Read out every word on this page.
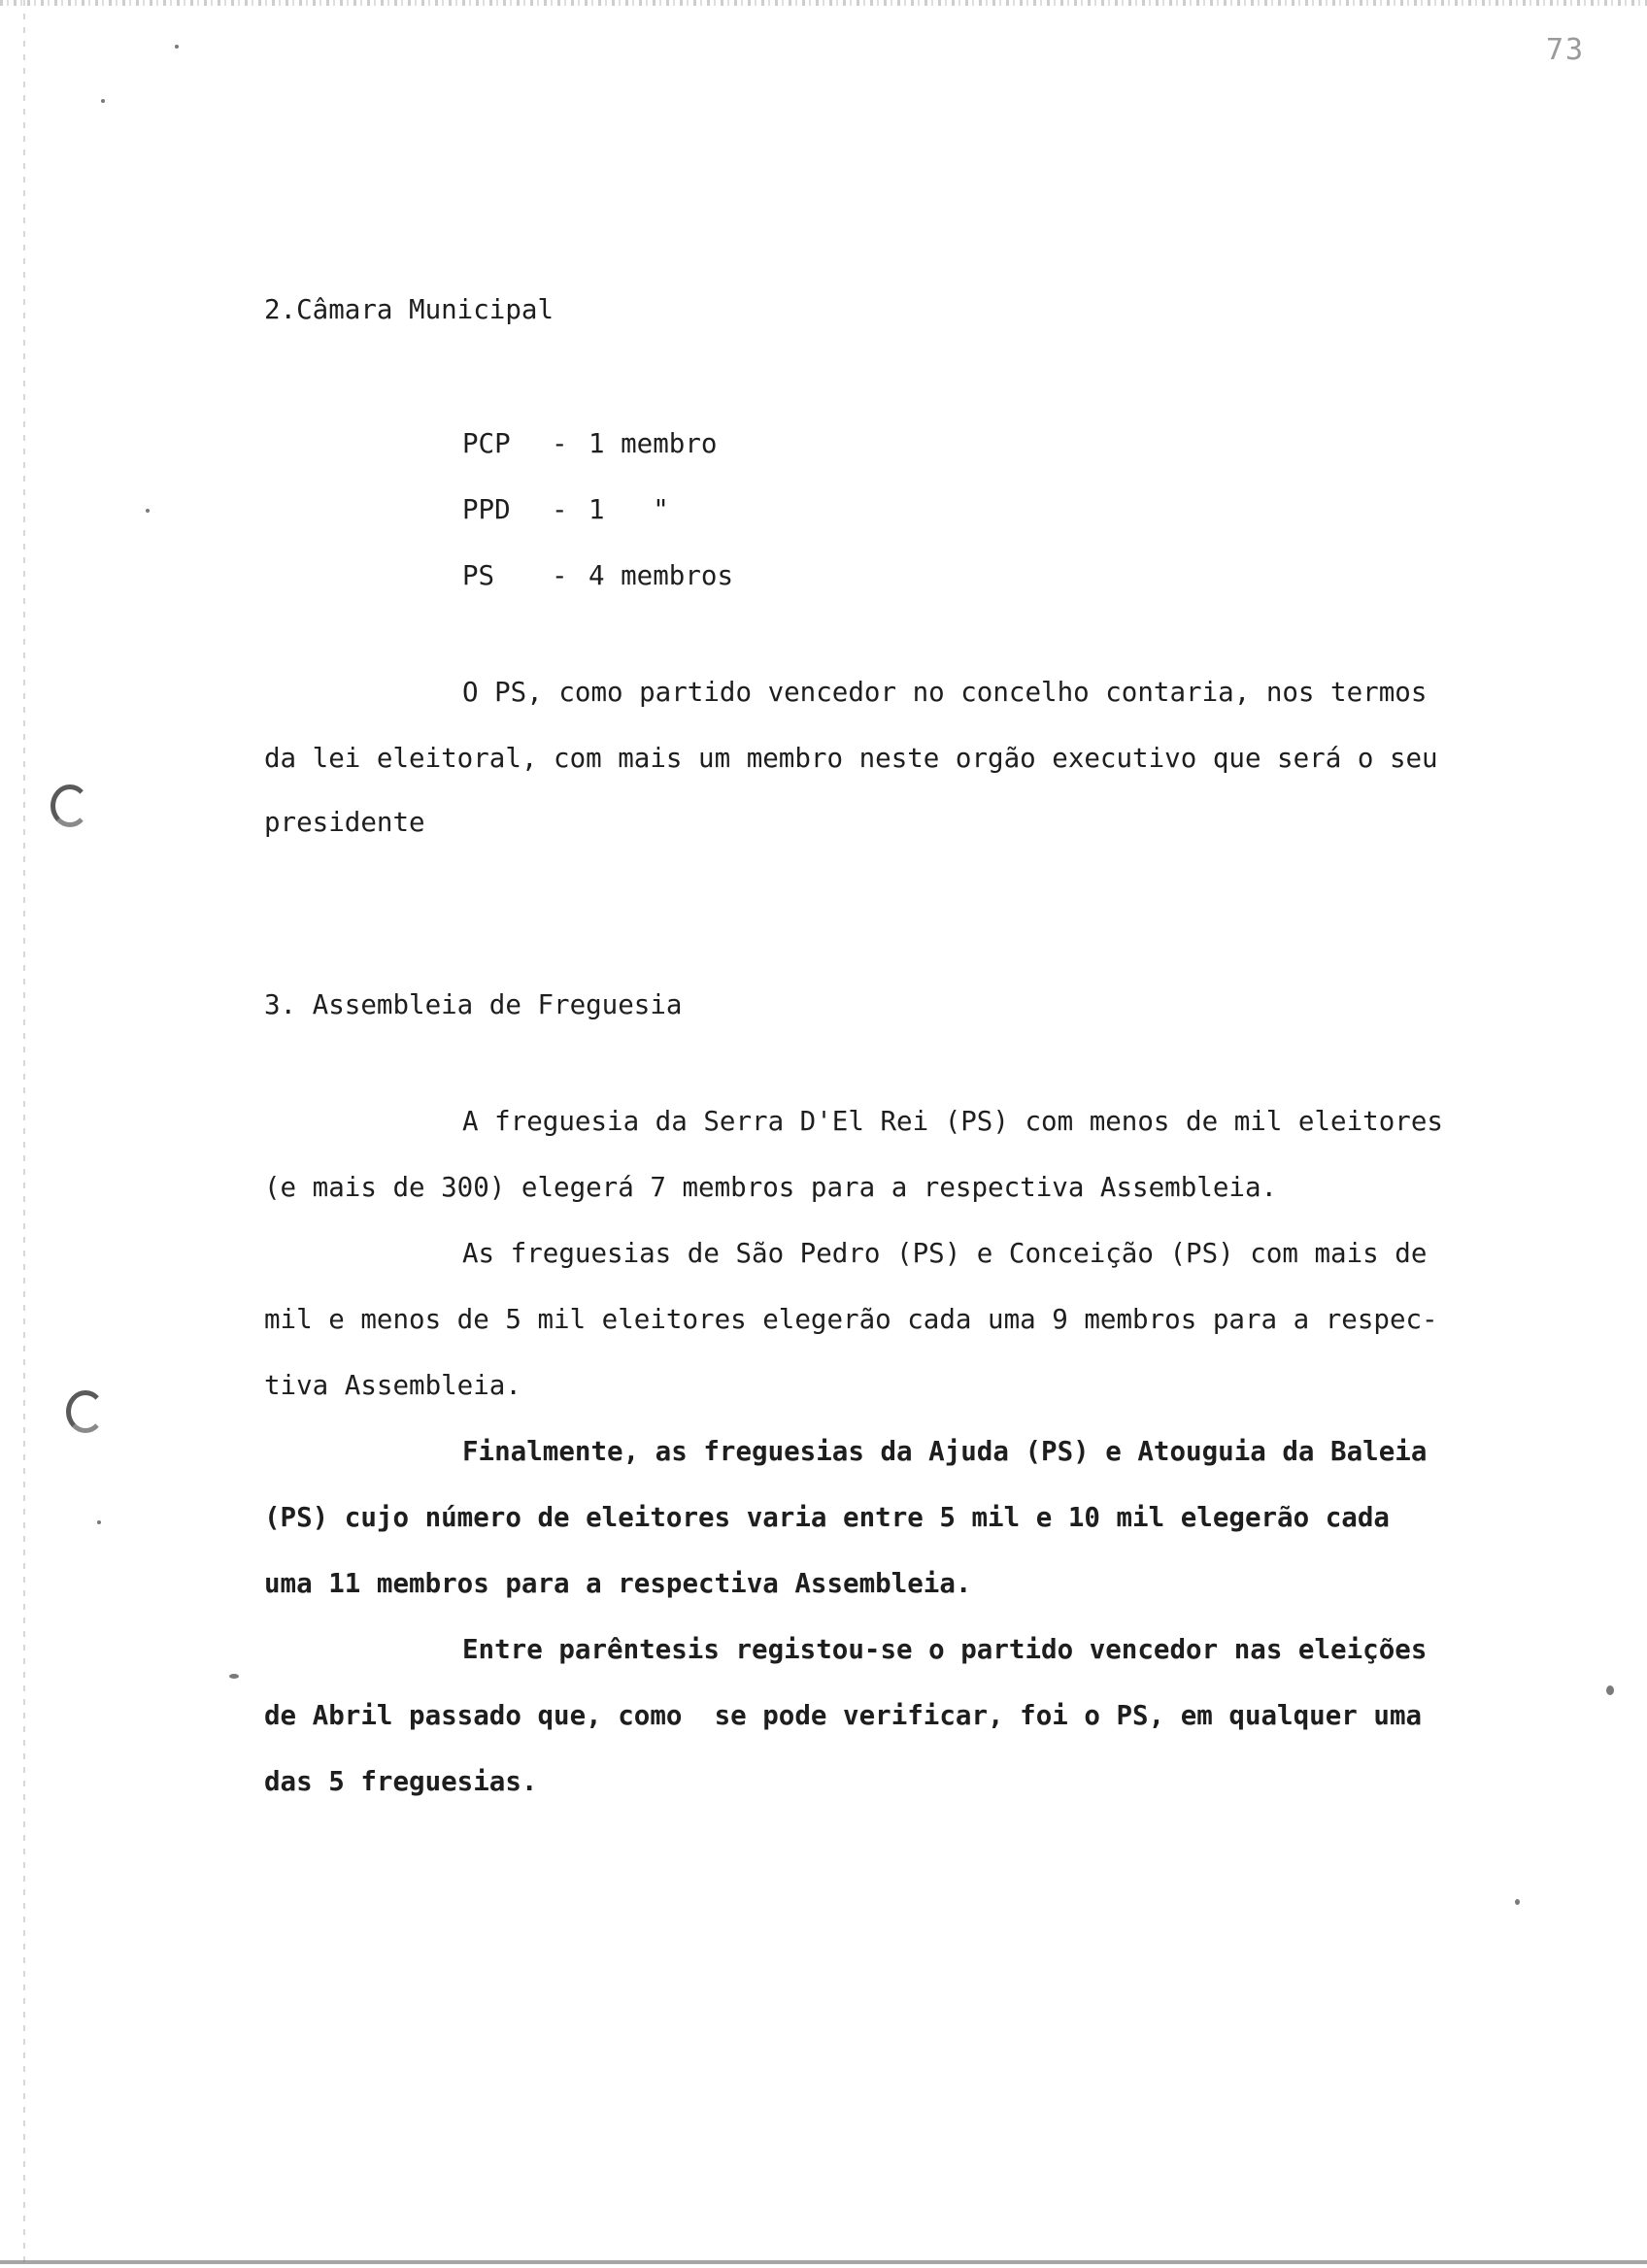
73
2.Câmara Municipal
PCP - 1 membro
PPD - 1   "
PS - 4 membros
O PS, como partido vencedor no concelho contaria, nos termos
da lei eleitoral, com mais um membro neste orgão executivo que será o seu
presidente
3. Assembleia de Freguesia
A freguesia da Serra D'El Rei (PS) com menos de mil eleitores
(e mais de 300) elegerá 7 membros para a respectiva Assembleia.
As freguesias de São Pedro (PS) e Conceição (PS) com mais de
mil e menos de 5 mil eleitores elegerão cada uma 9 membros para a respec-
tiva Assembleia.
Finalmente, as freguesias da Ajuda (PS) e Atouguia da Baleia
(PS) cujo número de eleitores varia entre 5 mil e 10 mil elegerão cada
uma 11 membros para a respectiva Assembleia.
Entre parêntesis registou-se o partido vencedor nas eleições
de Abril passado que, como  se pode verificar, foi o PS, em qualquer uma
das 5 freguesias.
